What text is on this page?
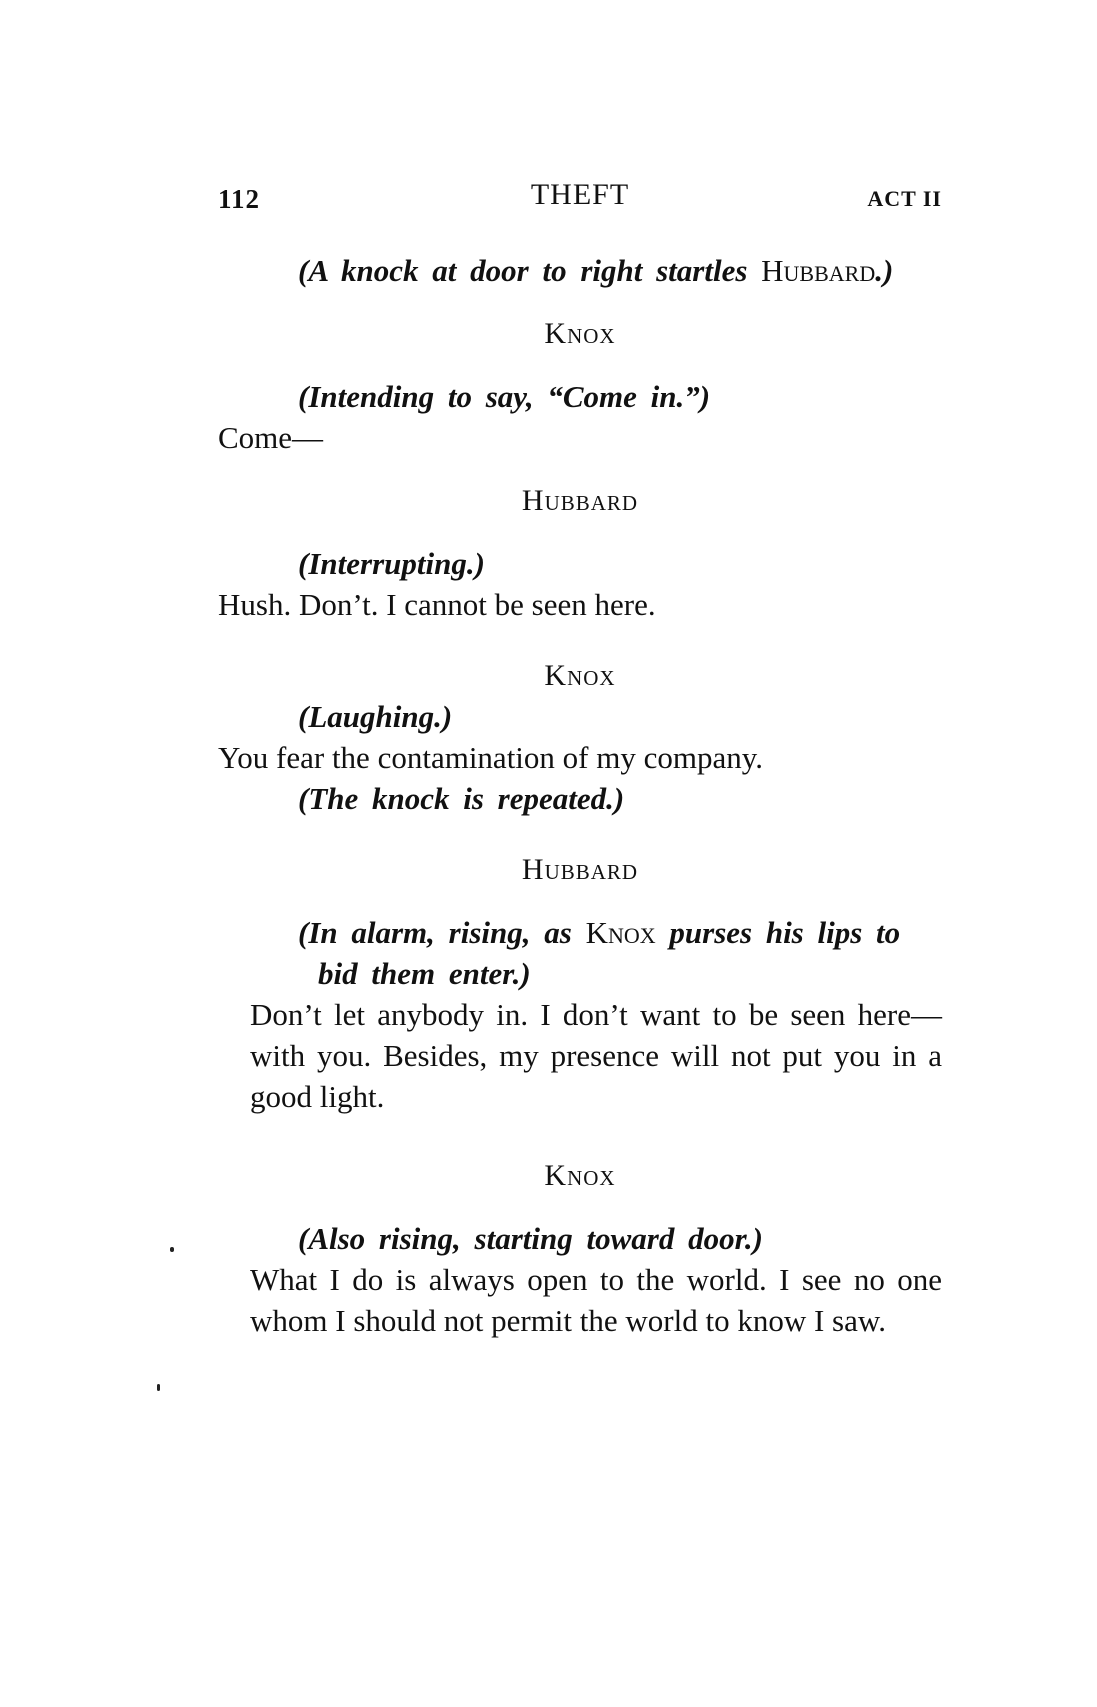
112	THEFT	ACT II

(A knock at door to right startles Hubbard.)

Knox

(Intending to say, “Come in.”)

Come—

Hubbard

(Interrupting.)

Hush. Don’t. I cannot be seen here.

Knox

(Laughing.)

You fear the contamination of my company.

(The knock is repeated.)

Hubbard

(In alarm, rising, as Knox purses his lips to bid them enter.)

Don’t let anybody in. I don’t want to be seen here—with you. Besides, my presence will not put you in a good light.

Knox

(Also rising, starting toward door.)

What I do is always open to the world. I see no one whom I should not permit the world to know I saw.
